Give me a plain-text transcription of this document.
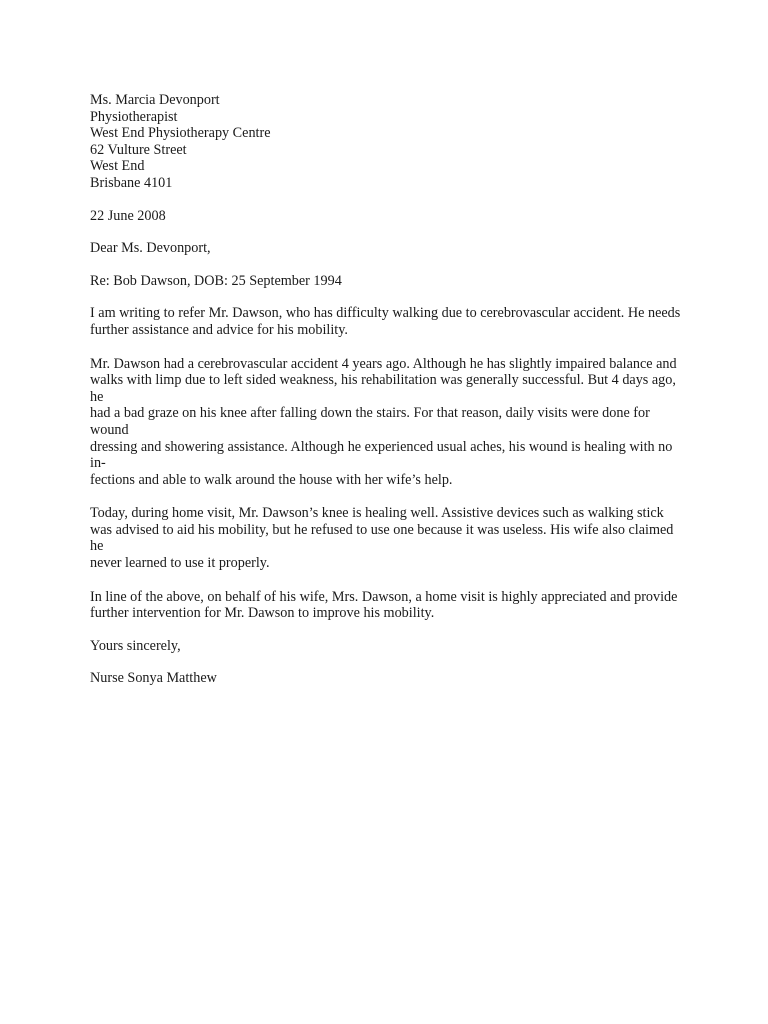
Ms. Marcia Devonport
Physiotherapist
West End Physiotherapy Centre
62 Vulture Street
West End
Brisbane 4101

22 June 2008

Dear Ms. Devonport,

Re: Bob Dawson, DOB: 25 September 1994

I am writing to refer Mr. Dawson, who has difficulty walking due to cerebrovascular accident. He needs
further assistance and advice for his mobility.

Mr. Dawson had a cerebrovascular accident 4 years ago. Although he has slightly impaired balance and
walks with limp due to left sided weakness, his rehabilitation was generally successful. But 4 days ago, he
had a bad graze on his knee after falling down the stairs. For that reason, daily visits were done for wound
dressing and showering assistance. Although he experienced usual aches, his wound is healing with no in-
fections and able to walk around the house with her wife’s help.

Today, during home visit, Mr. Dawson’s knee is healing well. Assistive devices such as walking stick
was advised to aid his mobility, but he refused to use one because it was useless. His wife also claimed he
never learned to use it properly.

In line of the above, on behalf of his wife, Mrs. Dawson, a home visit is highly appreciated and provide
further intervention for Mr. Dawson to improve his mobility.

Yours sincerely,

Nurse Sonya Matthew
